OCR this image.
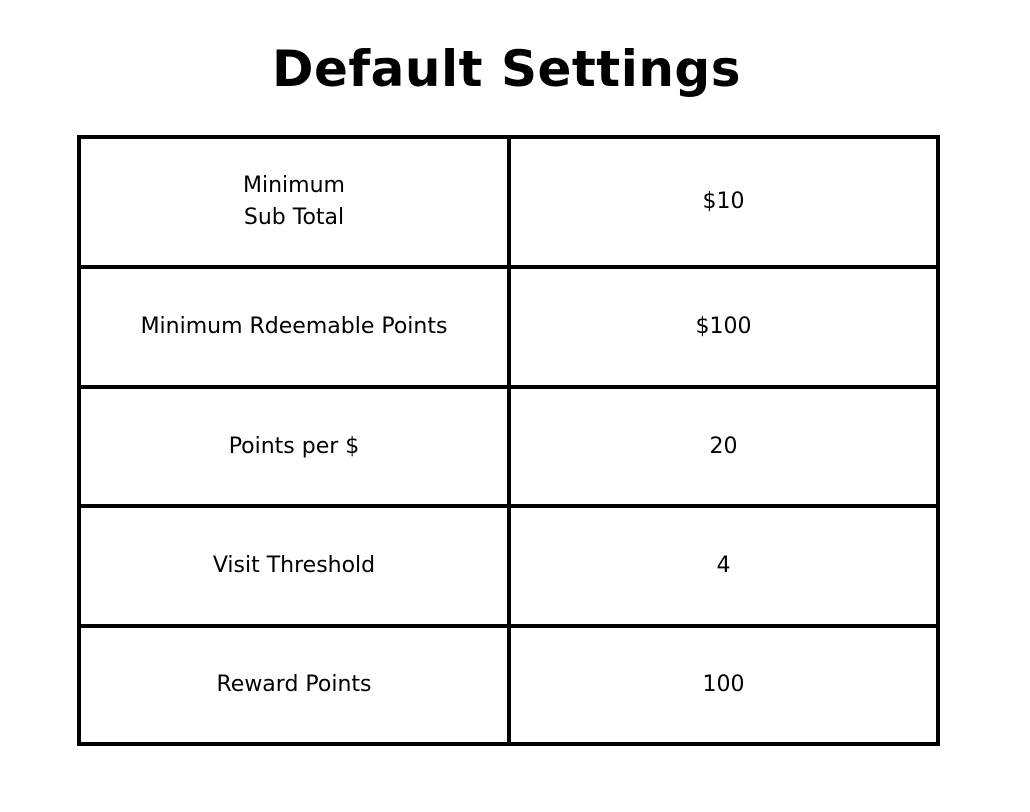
Default Settings
Minimum
Sub Total	$10

Minimum Rdeemable Points	$100

Points per $	20

Visit Threshold	4

Reward Points	100
